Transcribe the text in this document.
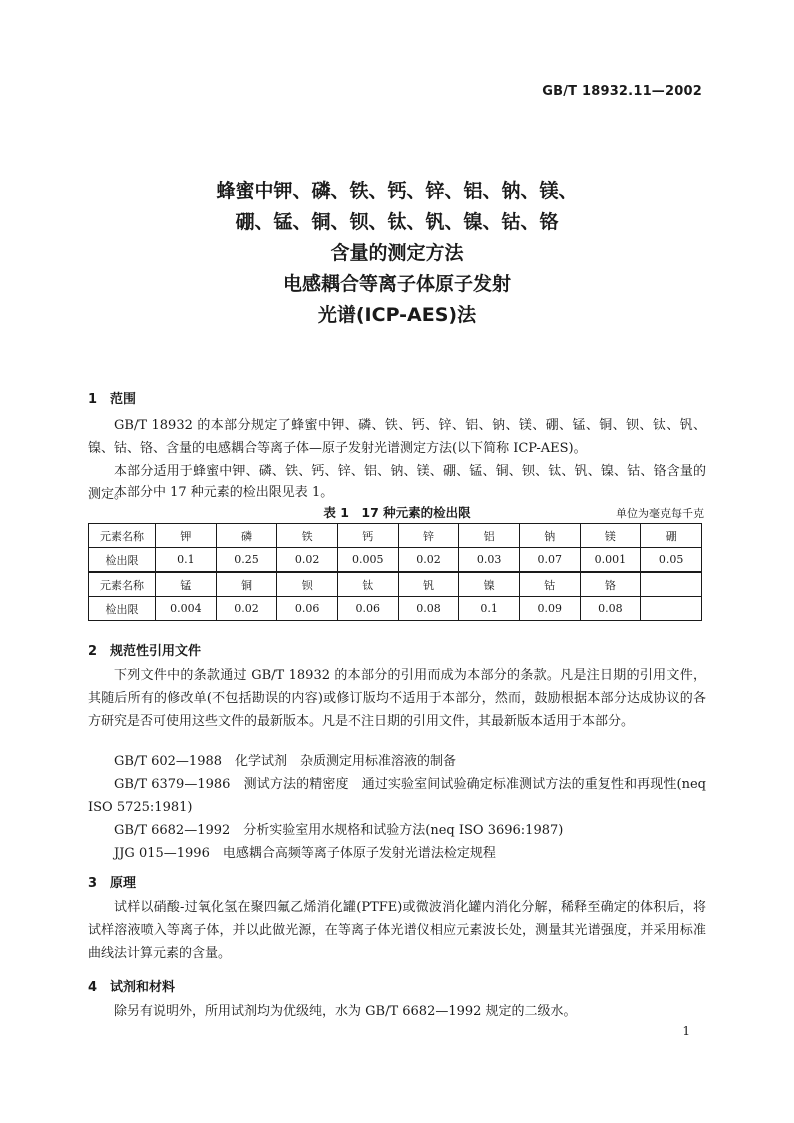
GB/T 18932.11—2002
蜂蜜中钾、磷、铁、钙、锌、铝、钠、镁、
硼、锰、铜、钡、钛、钒、镍、钴、铬
含量的测定方法
电感耦合等离子体原子发射
光谱(ICP-AES)法
1 范围
GB/T 18932 的本部分规定了蜂蜜中钾、磷、铁、钙、锌、铝、钠、镁、硼、锰、铜、钡、钛、钒、镍、钴、铬、含量的电感耦合等离子体—原子发射光谱测定方法(以下简称 ICP-AES)。
本部分适用于蜂蜜中钾、磷、铁、钙、锌、铝、钠、镁、硼、锰、铜、钡、钛、钒、镍、钴、铬含量的测定。
本部分中 17 种元素的检出限见表 1。
表 1　17 种元素的检出限	单位为毫克每千克
元素名称	钾	磷	铁	钙	锌	铝	钠	镁	硼
检出限	0.1	0.25	0.02	0.005	0.02	0.03	0.07	0.001	0.05
元素名称	锰	铜	钡	钛	钒	镍	钴	铬	
检出限	0.004	0.02	0.06	0.06	0.08	0.1	0.09	0.08	
2 规范性引用文件
下列文件中的条款通过 GB/T 18932 的本部分的引用而成为本部分的条款。凡是注日期的引用文件，其随后所有的修改单(不包括勘误的内容)或修订版均不适用于本部分，然而，鼓励根据本部分达成协议的各方研究是否可使用这些文件的最新版本。凡是不注日期的引用文件，其最新版本适用于本部分。
GB/T 602—1988　化学试剂　杂质测定用标准溶液的制备
GB/T 6379—1986　测试方法的精密度　通过实验室间试验确定标准测试方法的重复性和再现性(neq ISO 5725:1981)
GB/T 6682—1992　分析实验室用水规格和试验方法(neq ISO 3696:1987)
JJG 015—1996　电感耦合高频等离子体原子发射光谱法检定规程
3 原理
试样以硝酸-过氧化氢在聚四氟乙烯消化罐(PTFE)或微波消化罐内消化分解，稀释至确定的体积后，将试样溶液喷入等离子体，并以此做光源，在等离子体光谱仪相应元素波长处，测量其光谱强度，并采用标准曲线法计算元素的含量。
4 试剂和材料
除另有说明外，所用试剂均为优级纯，水为 GB/T 6682—1992 规定的二级水。
1
